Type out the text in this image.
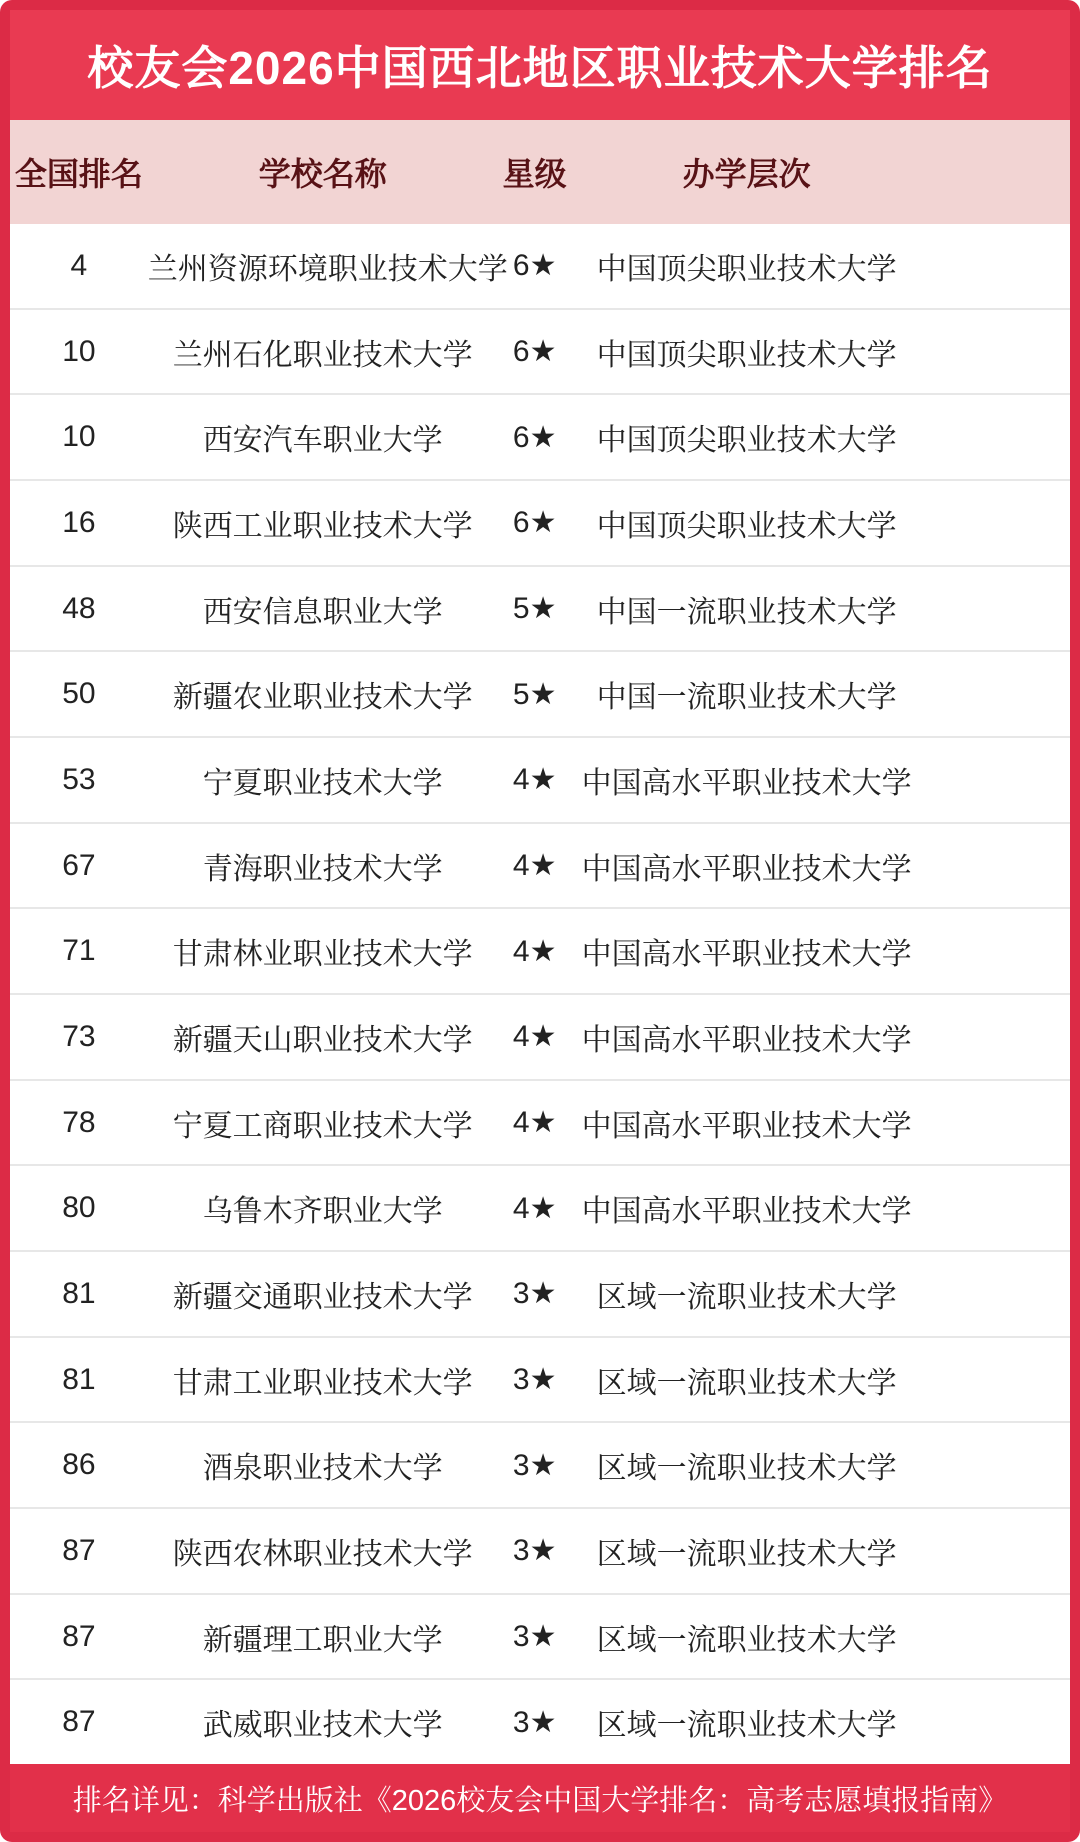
校友会2026中国西北地区职业技术大学排名
全国排名	学校名称	星级	办学层次
4	兰州资源环境职业技术大学 6★	中国顶尖职业技术大学
10	兰州石化职业技术大学	6★	中国顶尖职业技术大学
10	西安汽车职业大学	6★	中国顶尖职业技术大学
16	陕西工业职业技术大学	6★	中国顶尖职业技术大学
48	西安信息职业大学	5★	中国一流职业技术大学
50	新疆农业职业技术大学	5★	中国一流职业技术大学
53	宁夏职业技术大学	4★ 中国高水平职业技术大学
67	青海职业技术大学	4★ 中国高水平职业技术大学
71	甘肃林业职业技术大学	4★ 中国高水平职业技术大学
73	新疆天山职业技术大学	4★ 中国高水平职业技术大学
78	宁夏工商职业技术大学	4★ 中国高水平职业技术大学
80	乌鲁木齐职业大学	4★ 中国高水平职业技术大学
81	新疆交通职业技术大学	3★	区域一流职业技术大学
81	甘肃工业职业技术大学	3★	区域一流职业技术大学
86	酒泉职业技术大学	3★	区域一流职业技术大学
87	陕西农林职业技术大学	3★	区域一流职业技术大学
87	新疆理工职业大学	3★	区域一流职业技术大学
87	武威职业技术大学	3★	区域一流职业技术大学
排名详见：科学出版社《2026校友会中国大学排名：高考志愿填报指南》
